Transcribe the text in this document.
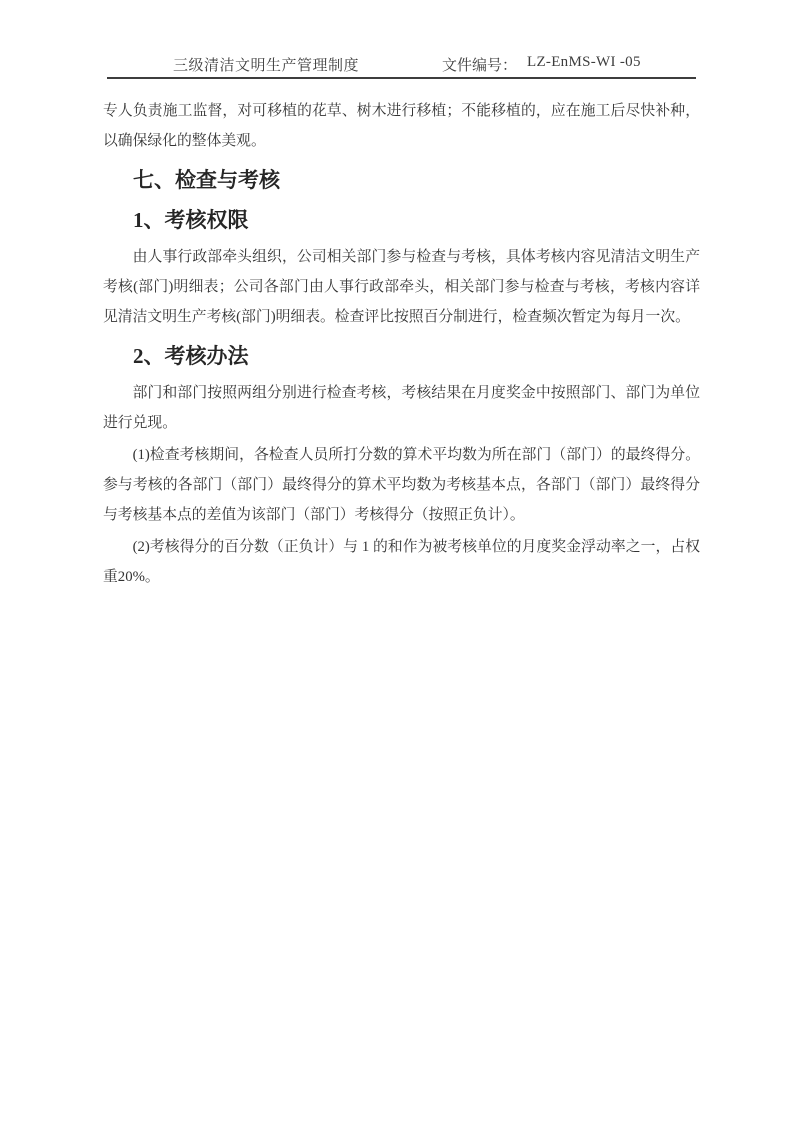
三级清洁文明生产管理制度	文件编号： LZ-EnMS-WI -05

专人负责施工监督，对可移植的花草、树木进行移植；不能移植的，应在施工后尽快补种，以确保绿化的整体美观。

七、检查与考核
1、考核权限

由人事行政部牵头组织，公司相关部门参与检查与考核，具体考核内容见清洁文明生产考核(部门)明细表；公司各部门由人事行政部牵头，相关部门参与检查与考核，考核内容详见清洁文明生产考核(部门)明细表。检查评比按照百分制进行，检查频次暂定为每月一次。

2、考核办法

部门和部门按照两组分别进行检查考核，考核结果在月度奖金中按照部门、部门为单位进行兑现。

(1)检查考核期间，各检查人员所打分数的算术平均数为所在部门（部门）的最终得分。参与考核的各部门（部门）最终得分的算术平均数为考核基本点，各部门（部门）最终得分与考核基本点的差值为该部门（部门）考核得分（按照正负计）。

(2)考核得分的百分数（正负计）与 1 的和作为被考核单位的月度奖金浮动率之一，占权重20%。
